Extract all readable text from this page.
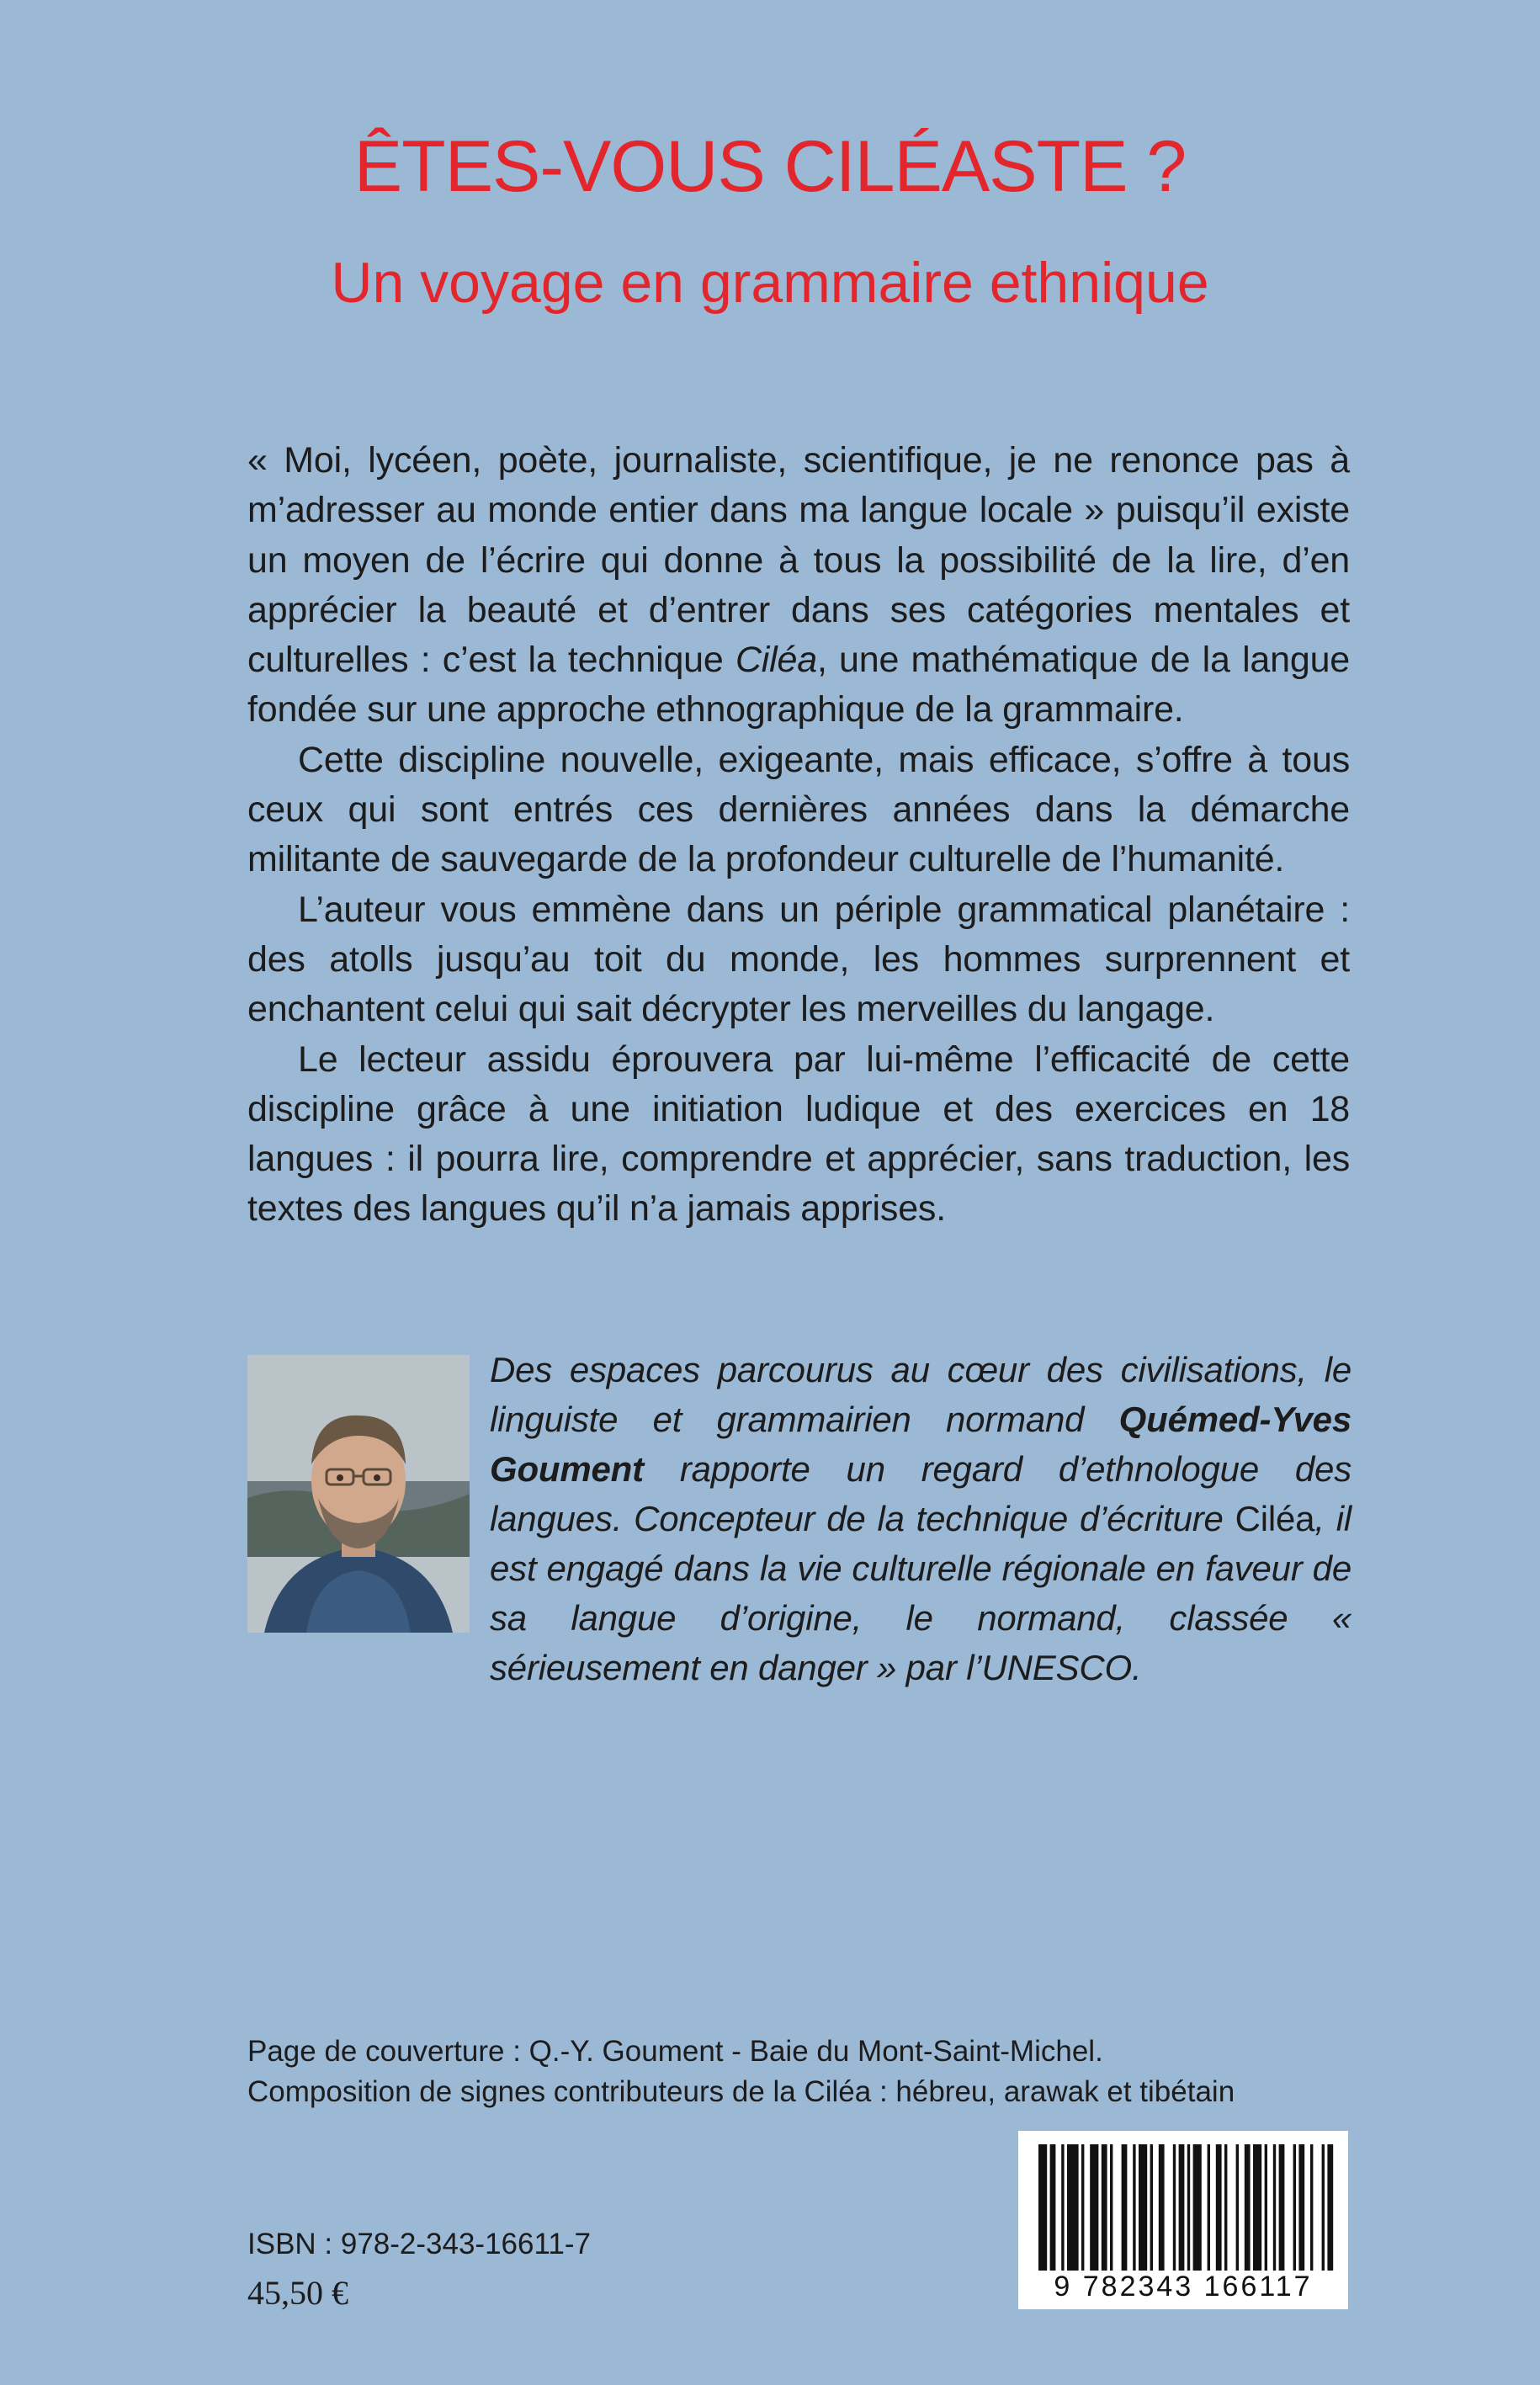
ÊTES-VOUS CILÉASTE ?
Un voyage en grammaire ethnique

« Moi, lycéen, poète, journaliste, scientifique, je ne renonce pas à m’adresser au monde entier dans ma langue locale » puisqu’il existe un moyen de l’écrire qui donne à tous la possibilité de la lire, d’en apprécier la beauté et d’entrer dans ses catégories mentales et culturelles : c’est la technique Ciléa, une mathématique de la langue fondée sur une approche ethnographique de la grammaire.

Cette discipline nouvelle, exigeante, mais efficace, s’offre à tous ceux qui sont entrés ces dernières années dans la démarche militante de sauvegarde de la profondeur culturelle de l’humanité.

L’auteur vous emmène dans un périple grammatical planétaire : des atolls jusqu’au toit du monde, les hommes surprennent et enchantent celui qui sait décrypter les merveilles du langage.

Le lecteur assidu éprouvera par lui-même l’efficacité de cette discipline grâce à une initiation ludique et des exercices en 18 langues : il pourra lire, comprendre et apprécier, sans traduction, les textes des langues qu’il n’a jamais apprises.

Des espaces parcourus au cœur des civilisations, le linguiste et grammairien normand Quémed-Yves Goument rapporte un regard d’ethnologue des langues. Concepteur de la technique d’écriture Ciléa, il est engagé dans la vie culturelle régionale en faveur de sa langue d’origine, le normand, classée « sérieusement en danger » par l’UNESCO.
Page de couverture : Q.-Y. Goument - Baie du Mont-Saint-Michel.
Composition de signes contributeurs de la Ciléa : hébreu, arawak et tibétain
9 782343 166117
ISBN : 978-2-343-16611-7
45,50 €
